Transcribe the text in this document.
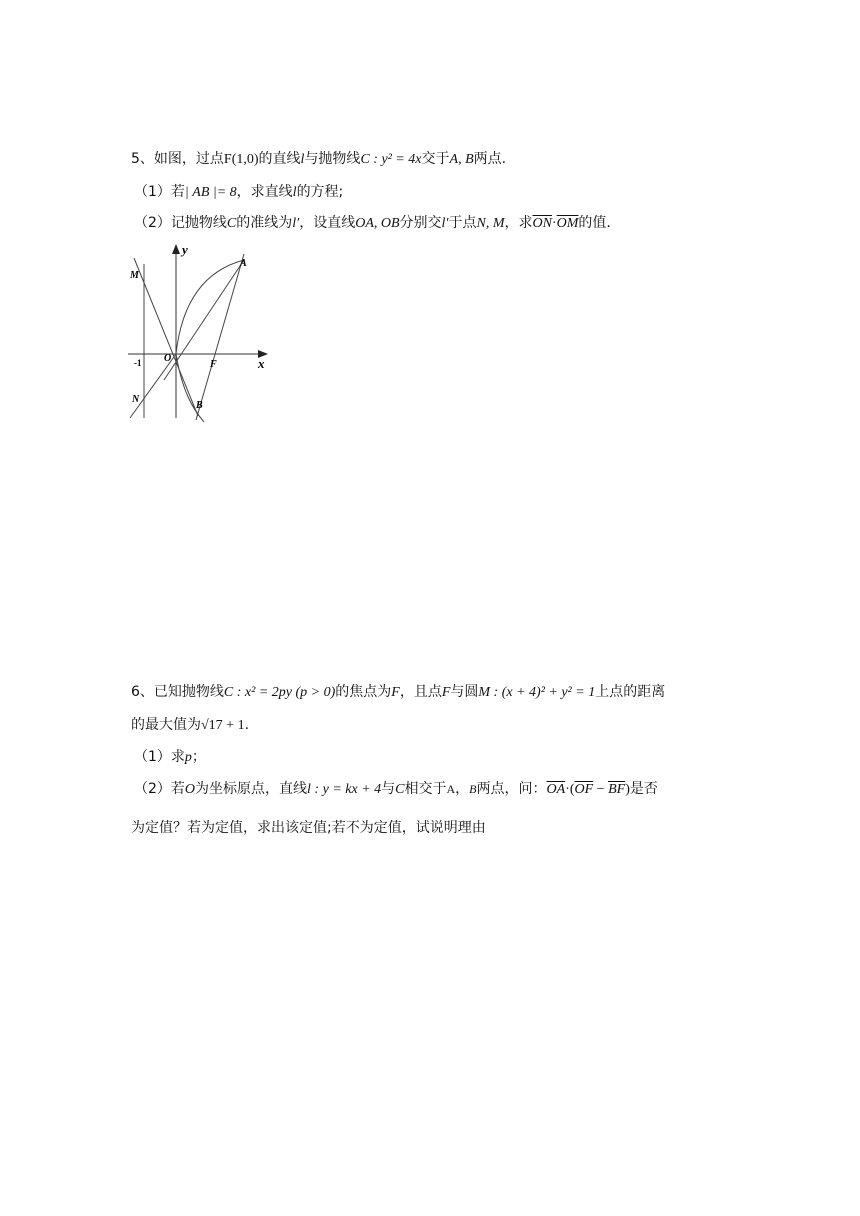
5、如图，过点F(1,0)的直线l与抛物线C : y² = 4x交于A, B两点.
（1）若| AB |= 8，求直线l的方程;
（2）记抛物线C的准线为l′，设直线OA, OB分别交l′于点N, M，求$\overline{ON}\cdot\overline{OM}$的值.
y
x
M
A
O
F
-1
N
B
6、已知抛物线C : x² = 2py (p > 0)的焦点为F，且点F与圆M : (x + 4)² + y² = 1上点的距离
的最大值为√17 + 1.
（1）求p；
（2）若O为坐标原点，直线l : y = kx + 4与C相交于A，B两点，问：$\overline{OA}\cdot(\overline{OF} - \overline{BF})$是否
为定值？若为定值，求出该定值;若不为定值，试说明理由
